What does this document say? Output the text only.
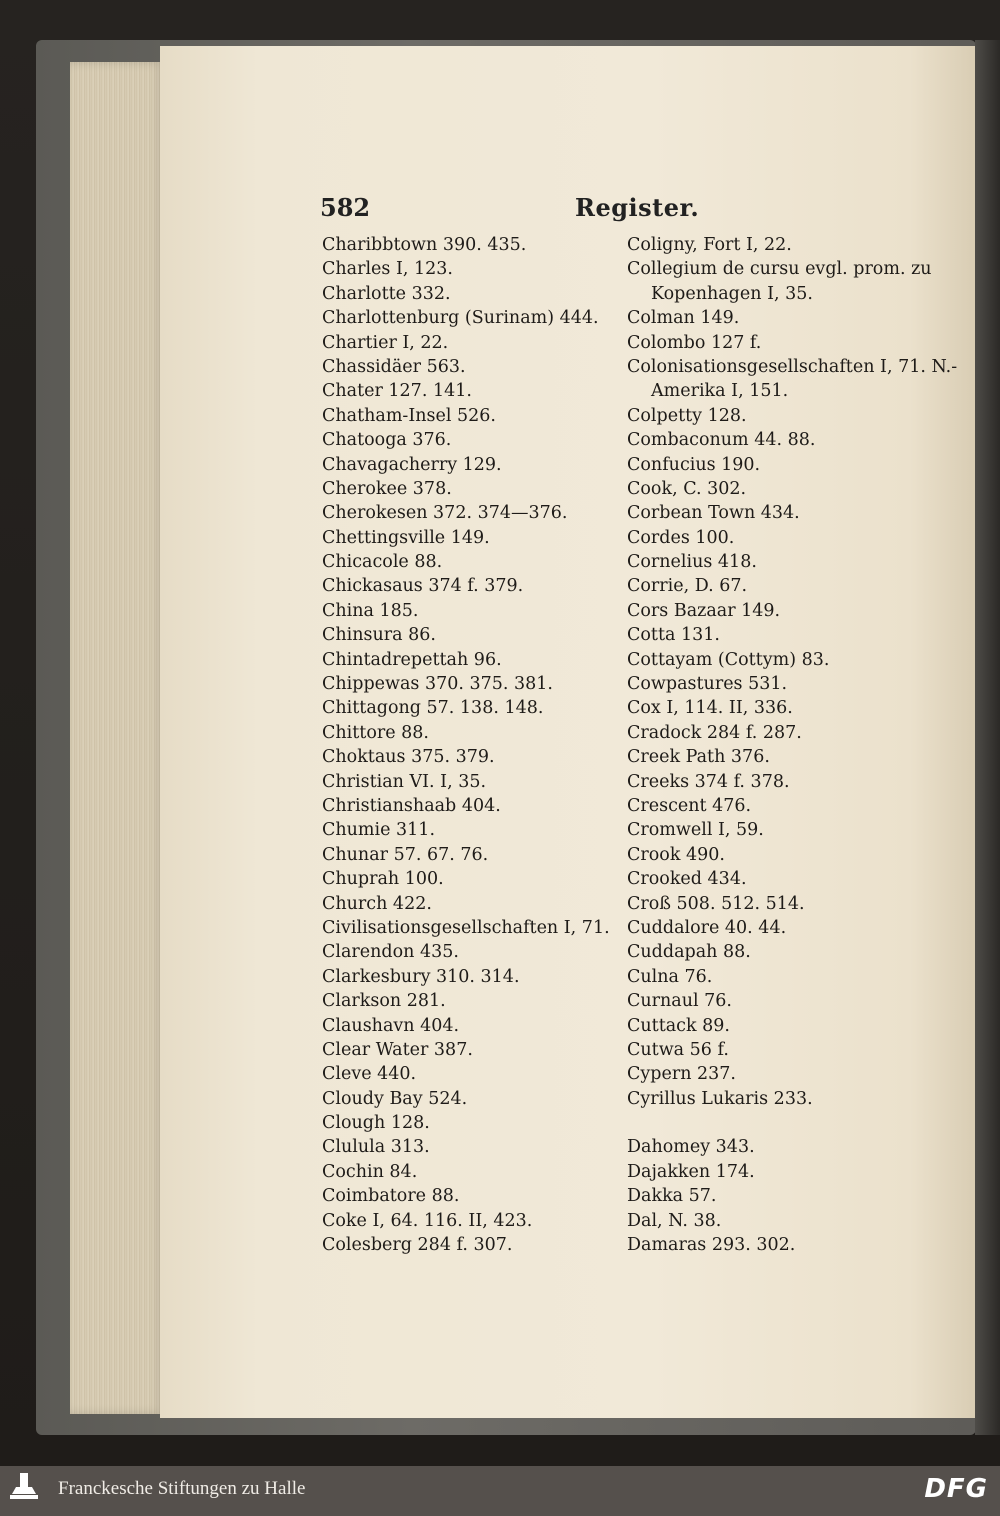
582	Register.
Charibbtown 390. 435.
Charles I, 123.
Charlotte 332.
Charlottenburg (Surinam) 444.
Chartier I, 22.
Chassidäer 563.
Chater 127. 141.
Chatham-Insel 526.
Chatooga 376.
Chavagacherry 129.
Cherokee 378.
Cherokesen 372. 374—376.
Chettingsville 149.
Chicacole 88.
Chickasaus 374 f. 379.
China 185.
Chinsura 86.
Chintadrepettah 96.
Chippewas 370. 375. 381.
Chittagong 57. 138. 148.
Chittore 88.
Choktaus 375. 379.
Christian VI. I, 35.
Christianshaab 404.
Chumie 311.
Chunar 57. 67. 76.
Chuprah 100.
Church 422.
Civilisationsgesellschaften I, 71.
Clarendon 435.
Clarkesbury 310. 314.
Clarkson 281.
Claushavn 404.
Clear Water 387.
Cleve 440.
Cloudy Bay 524.
Clough 128.
Clulula 313.
Cochin 84.
Coimbatore 88.
Coke I, 64. 116. II, 423.
Colesberg 284 f. 307.
Coligny, Fort I, 22.
Collegium de cursu evgl. prom. zu
Kopenhagen I, 35.
Colman 149.
Colombo 127 f.
Colonisationsgesellschaften I, 71. N.-
Amerika I, 151.
Colpetty 128.
Combaconum 44. 88.
Confucius 190.
Cook, C. 302.
Corbean Town 434.
Cordes 100.
Cornelius 418.
Corrie, D. 67.
Cors Bazaar 149.
Cotta 131.
Cottayam (Cottym) 83.
Cowpastures 531.
Cox I, 114. II, 336.
Cradock 284 f. 287.
Creek Path 376.
Creeks 374 f. 378.
Crescent 476.
Cromwell I, 59.
Crook 490.
Crooked 434.
Croß 508. 512. 514.
Cuddalore 40. 44.
Cuddapah 88.
Culna 76.
Curnaul 76.
Cuttack 89.
Cutwa 56 f.
Cypern 237.
Cyrillus Lukaris 233.
Dahomey 343.
Dajakken 174.
Dakka 57.
Dal, N. 38.
Damaras 293. 302.
Franckesche Stiftungen zu Halle	DFG
